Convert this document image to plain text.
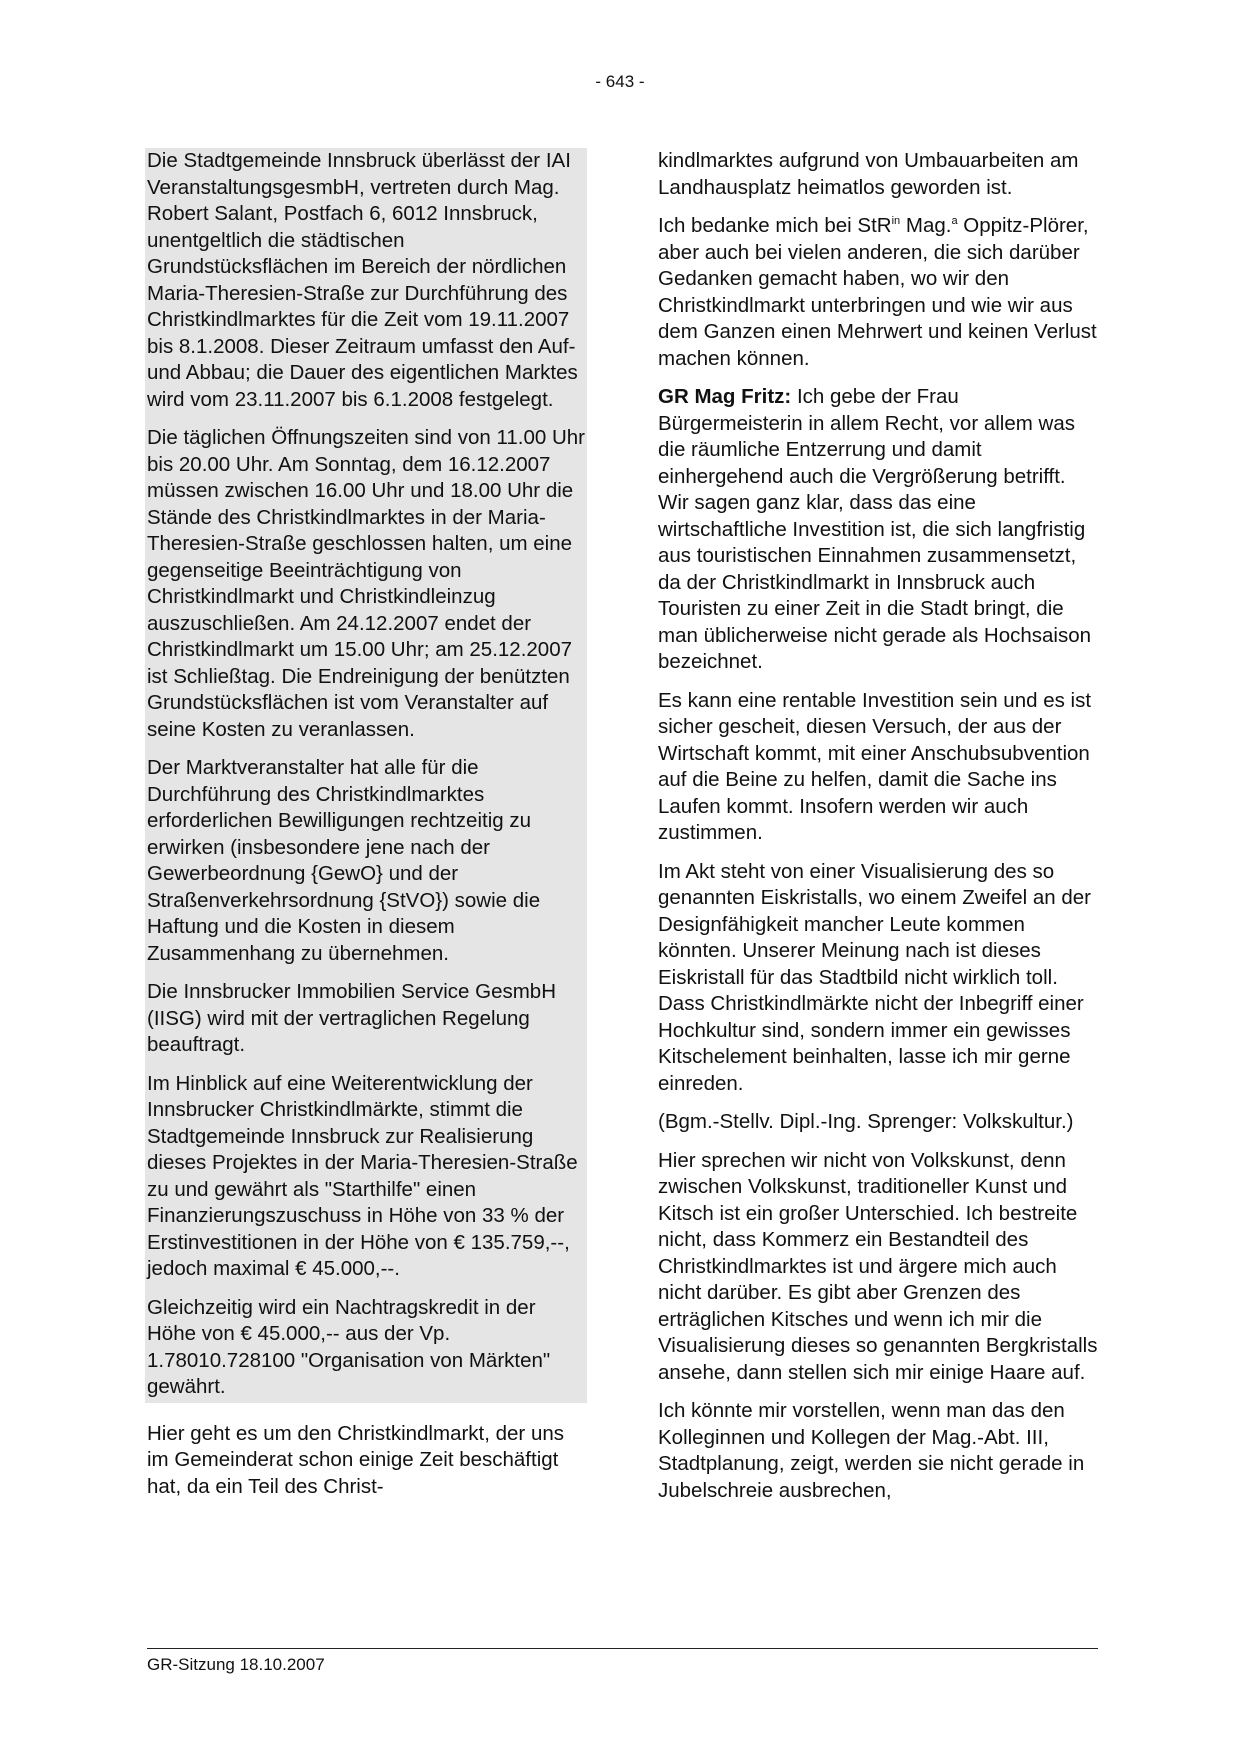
- 643 -

Die Stadtgemeinde Innsbruck überlässt der IAI VeranstaltungsgesmbH, vertreten durch Mag. Robert Salant, Postfach 6, 6012 Innsbruck, unentgeltlich die städtischen Grundstücksflächen im Bereich der nördlichen Maria-Theresien-Straße zur Durchführung des Christkindlmarktes für die Zeit vom 19.11.2007 bis 8.1.2008. Dieser Zeitraum umfasst den Auf- und Abbau; die Dauer des eigentlichen Marktes wird vom 23.11.2007 bis 6.1.2008 festgelegt.

Die täglichen Öffnungszeiten sind von 11.00 Uhr bis 20.00 Uhr. Am Sonntag, dem 16.12.2007 müssen zwischen 16.00 Uhr und 18.00 Uhr die Stände des Christkindlmarktes in der Maria-Theresien-Straße geschlossen halten, um eine gegenseitige Beeinträchtigung von Christkindlmarkt und Christkindleinzug auszuschließen. Am 24.12.2007 endet der Christkindlmarkt um 15.00 Uhr; am 25.12.2007 ist Schließtag. Die Endreinigung der benützten Grundstücksflächen ist vom Veranstalter auf seine Kosten zu veranlassen.

Der Marktveranstalter hat alle für die Durchführung des Christkindlmarktes erforderlichen Bewilligungen rechtzeitig zu erwirken (insbesondere jene nach der Gewerbeordnung {GewO} und der Straßenverkehrsordnung {StVO}) sowie die Haftung und die Kosten in diesem Zusammenhang zu übernehmen.

Die Innsbrucker Immobilien Service GesmbH (IISG) wird mit der vertraglichen Regelung beauftragt.

Im Hinblick auf eine Weiterentwicklung der Innsbrucker Christkindlmärkte, stimmt die Stadtgemeinde Innsbruck zur Realisierung dieses Projektes in der Maria-Theresien-Straße zu und gewährt als "Starthilfe" einen Finanzierungszuschuss in Höhe von 33 % der Erstinvestitionen in der Höhe von € 135.759,--, jedoch maximal € 45.000,--.

Gleichzeitig wird ein Nachtragskredit in der Höhe von € 45.000,-- aus der Vp. 1.78010.728100 "Organisation von Märkten" gewährt.

Hier geht es um den Christkindlmarkt, der uns im Gemeinderat schon einige Zeit beschäftigt hat, da ein Teil des Christ-

kindlmarktes aufgrund von Umbauarbeiten am Landhausplatz heimatlos geworden ist.

Ich bedanke mich bei StR$^{in}$ Mag.$^a$ Oppitz-Plörer, aber auch bei vielen anderen, die sich darüber Gedanken gemacht haben, wo wir den Christkindlmarkt unterbringen und wie wir aus dem Ganzen einen Mehrwert und keinen Verlust machen können.

GR Mag Fritz: Ich gebe der Frau Bürgermeisterin in allem Recht, vor allem was die räumliche Entzerrung und damit einhergehend auch die Vergrößerung betrifft. Wir sagen ganz klar, dass das eine wirtschaftliche Investition ist, die sich langfristig aus touristischen Einnahmen zusammensetzt, da der Christkindlmarkt in Innsbruck auch Touristen zu einer Zeit in die Stadt bringt, die man üblicherweise nicht gerade als Hochsaison bezeichnet.

Es kann eine rentable Investition sein und es ist sicher gescheit, diesen Versuch, der aus der Wirtschaft kommt, mit einer Anschubsubvention auf die Beine zu helfen, damit die Sache ins Laufen kommt. Insofern werden wir auch zustimmen.

Im Akt steht von einer Visualisierung des so genannten Eiskristalls, wo einem Zweifel an der Designfähigkeit mancher Leute kommen könnten. Unserer Meinung nach ist dieses Eiskristall für das Stadtbild nicht wirklich toll. Dass Christkindlmärkte nicht der Inbegriff einer Hochkultur sind, sondern immer ein gewisses Kitschelement beinhalten, lasse ich mir gerne einreden.

(Bgm.-Stellv. Dipl.-Ing. Sprenger: Volkskultur.)

Hier sprechen wir nicht von Volkskunst, denn zwischen Volkskunst, traditioneller Kunst und Kitsch ist ein großer Unterschied. Ich bestreite nicht, dass Kommerz ein Bestandteil des Christkindlmarktes ist und ärgere mich auch nicht darüber. Es gibt aber Grenzen des erträglichen Kitsches und wenn ich mir die Visualisierung dieses so genannten Bergkristalls ansehe, dann stellen sich mir einige Haare auf.

Ich könnte mir vorstellen, wenn man das den Kolleginnen und Kollegen der Mag.-Abt. III, Stadtplanung, zeigt, werden sie nicht gerade in Jubelschreie ausbrechen,

GR-Sitzung 18.10.2007
